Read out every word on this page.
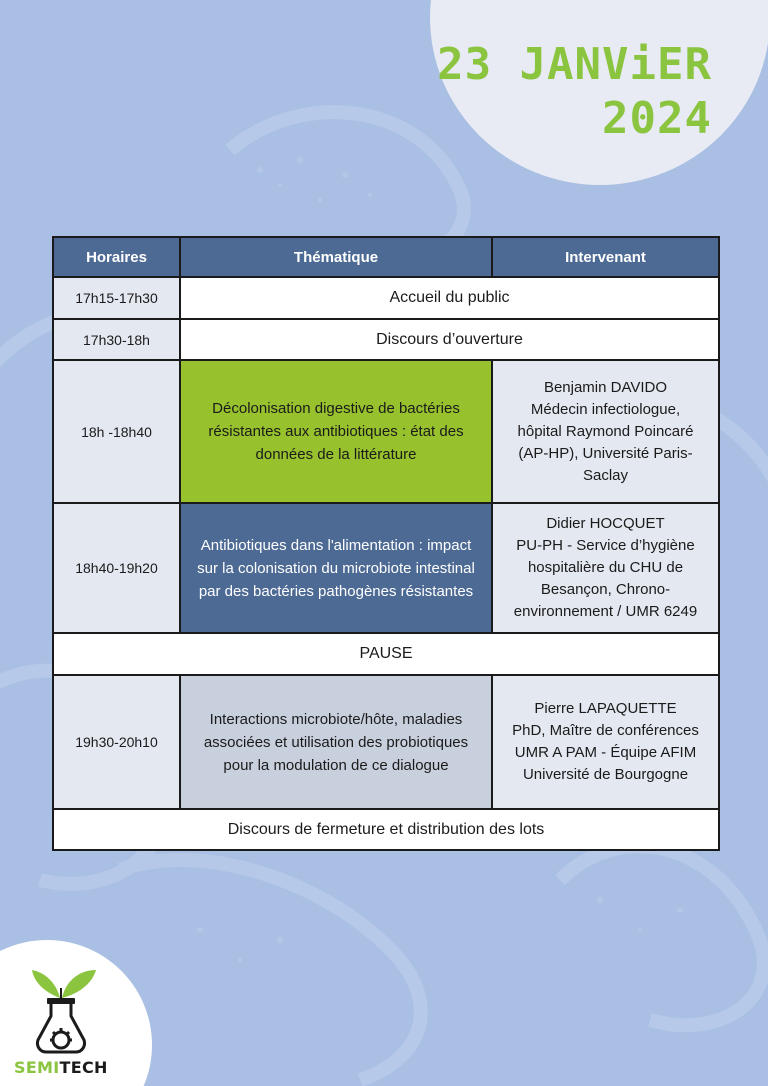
23 JANViER
2024
Horaires	Thématique	Intervenant
17h15-17h30	Accueil du public	
17h30-18h	Discours d’ouverture	
18h -18h40	Décolonisation digestive de bactéries résistantes aux antibiotiques : état des données de la littérature	Benjamin DAVIDO
Médecin infectiologue,
hôpital Raymond Poincaré
(AP-HP), Université Paris-
Saclay

18h40-19h20	Antibiotiques dans l'alimentation : impact sur la colonisation du microbiote intestinal par des bactéries pathogènes résistantes	Didier HOCQUET
PU-PH - Service d’hygiène
hospitalière du CHU de
Besançon, Chrono-
environnement / UMR 6249

PAUSE		
19h30-20h10	Interactions microbiote/hôte, maladies associées et utilisation des probiotiques pour la modulation de ce dialogue	Pierre LAPAQUETTE
PhD, Maître de conférences
UMR A PAM - Équipe AFIM
Université de Bourgogne

Discours de fermeture et distribution des lots		
SEMITECH
